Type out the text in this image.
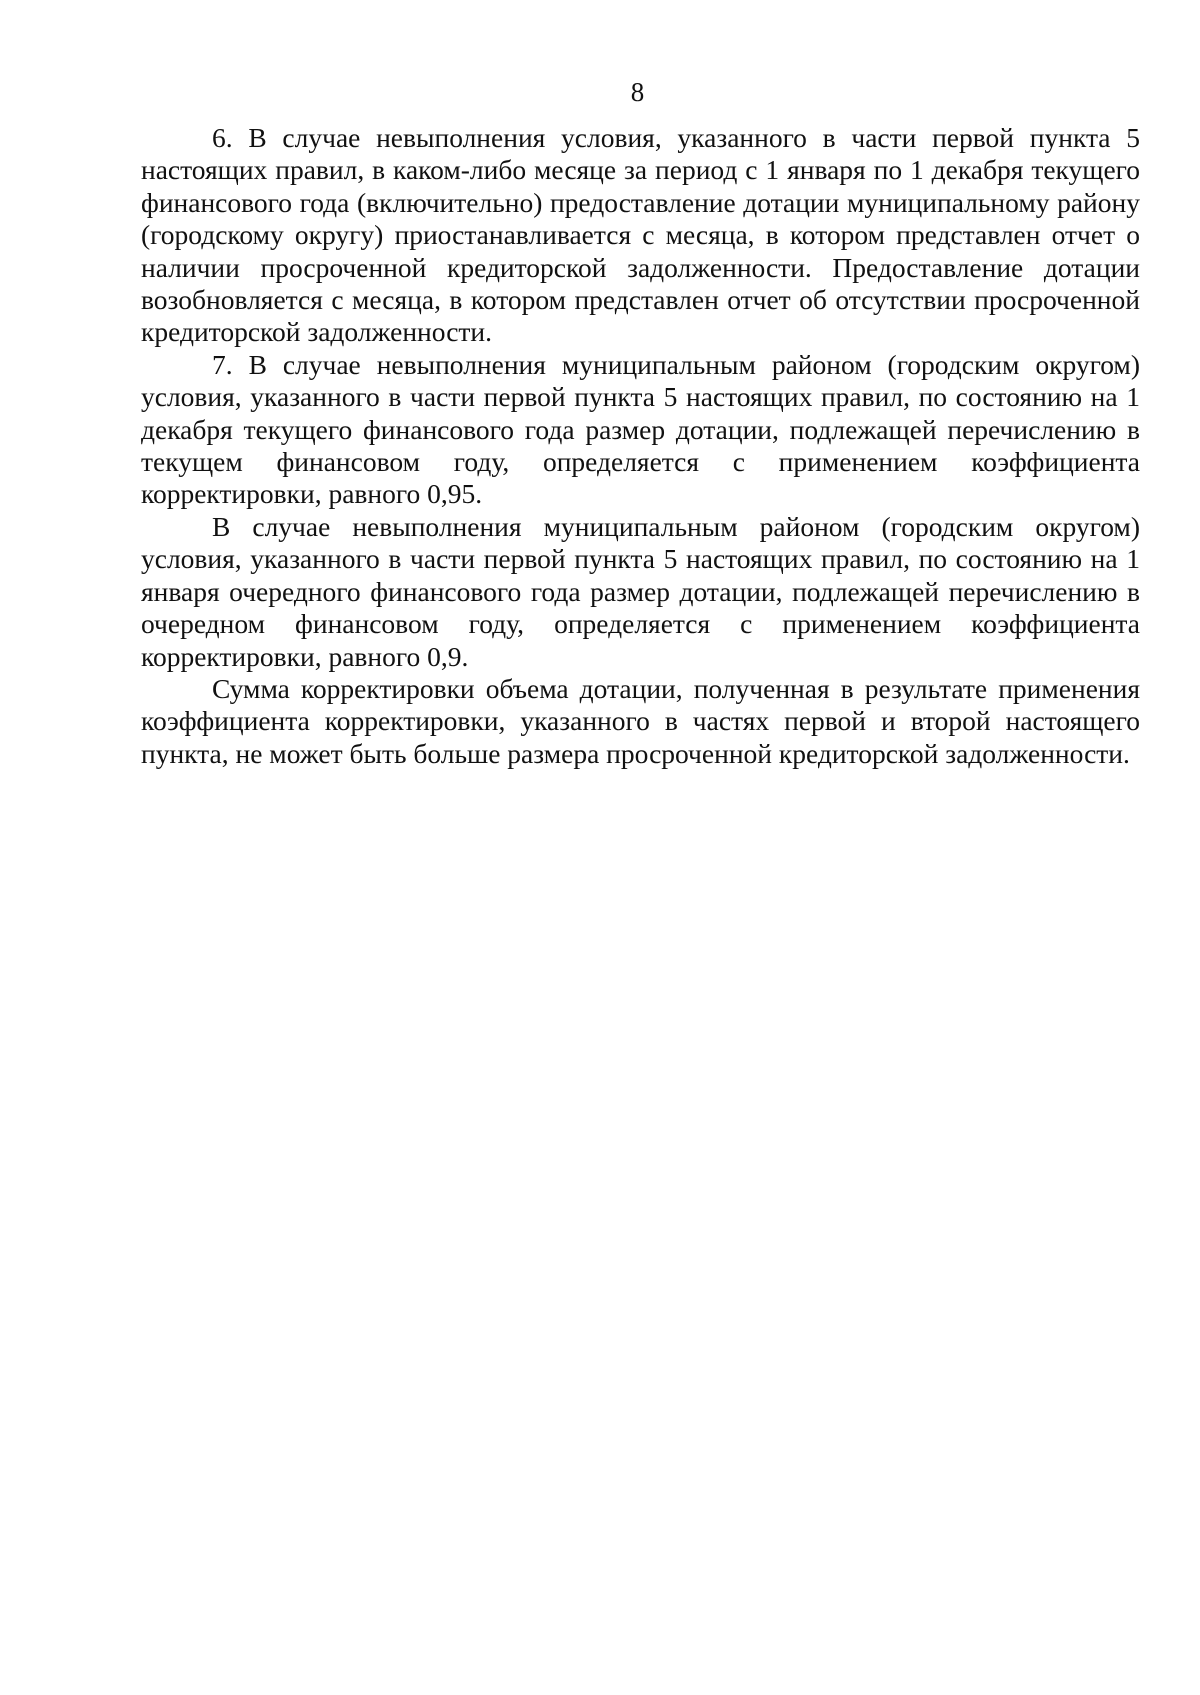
8

6. В случае невыполнения условия, указанного в части первой пункта 5 настоящих правил, в каком-либо месяце за период с 1 января по 1 декабря текущего финансового года (включительно) предоставление дотации муниципальному району (городскому округу) приостанавливается с месяца, в котором представлен отчет о наличии просроченной кредиторской задолженности. Предоставление дотации возобновляется с месяца, в котором представлен отчет об отсутствии просроченной кредиторской задолженности.

7. В случае невыполнения муниципальным районом (городским округом) условия, указанного в части первой пункта 5 настоящих правил, по состоянию на 1 декабря текущего финансового года размер дотации, подлежащей перечислению в текущем финансовом году, определяется с применением коэффициента корректировки, равного 0,95.

В случае невыполнения муниципальным районом (городским округом) условия, указанного в части первой пункта 5 настоящих правил, по состоянию на 1 января очередного финансового года размер дотации, подлежащей перечислению в очередном финансовом году, определяется с применением коэффициента корректировки, равного 0,9.

Сумма корректировки объема дотации, полученная в результате применения коэффициента корректировки, указанного в частях первой и второй настоящего пункта, не может быть больше размера просроченной кредиторской задолженности.
